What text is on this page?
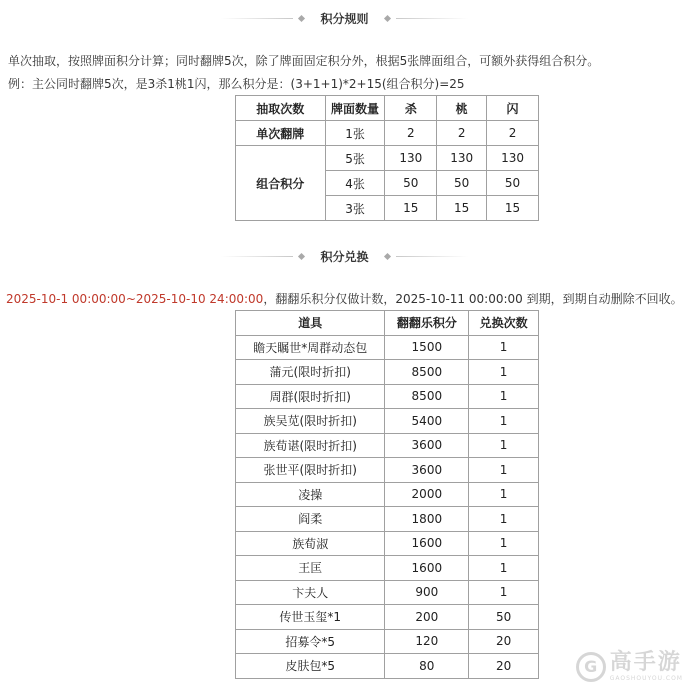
积分规则
单次抽取，按照牌面积分计算；同时翻牌5次，除了牌面固定积分外，根据5张牌面组合，可额外获得组合积分。
例：主公同时翻牌5次，是3杀1桃1闪，那么积分是：(3+1+1)*2+15(组合积分)=25
抽取次数	牌面数量	杀	桃	闪
单次翻牌	1张	2	2	2
组合积分	5张	130	130	130
	4张	50	50	50
	3张	15	15	15
积分兑换
2025-10-1 00:00:00~2025-10-10 24:00:00，翻翻乐积分仅做计数，2025-10-11 00:00:00 到期，到期自动删除不回收。
道具	翻翻乐积分	兑换次数
瞻天瞩世*周群动态包	1500	1
蒲元(限时折扣)	8500	1
周群(限时折扣)	8500	1
族吴苋(限时折扣)	5400	1
族荀谌(限时折扣)	3600	1
张世平(限时折扣)	3600	1
凌操	2000	1
阎柔	1800	1
族荀淑	1600	1
王匡	1600	1
卞夫人	900	1
传世玉玺*1	200	50
招募令*5	120	20
皮肤包*5	80	20	G 高手游
GAOSHOUYOU.COM
